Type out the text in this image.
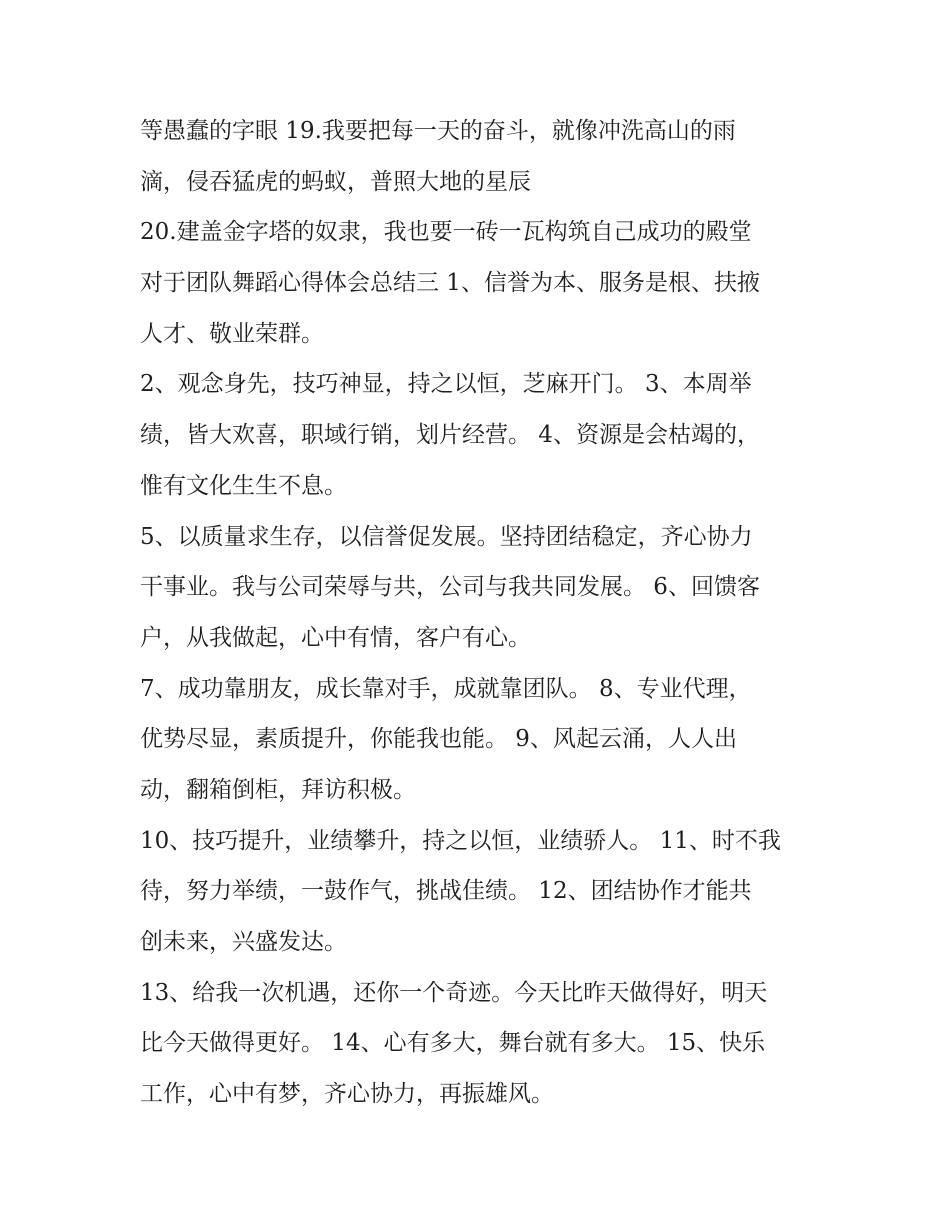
等愚蠢的字眼 19.我要把每一天的奋斗，就像冲洗高山的雨
滴，侵吞猛虎的蚂蚁，普照大地的星辰
20.建盖金字塔的奴隶，我也要一砖一瓦构筑自己成功的殿堂
对于团队舞蹈心得体会总结三 1、信誉为本、服务是根、扶掖
人才、敬业荣群。
2、观念身先，技巧神显，持之以恒，芝麻开门。 3、本周举
绩，皆大欢喜，职域行销，划片经营。 4、资源是会枯竭的，
惟有文化生生不息。
5、以质量求生存，以信誉促发展。坚持团结稳定，齐心协力
干事业。我与公司荣辱与共，公司与我共同发展。 6、回馈客
户，从我做起，心中有情，客户有心。
7、成功靠朋友，成长靠对手，成就靠团队。 8、专业代理，
优势尽显，素质提升，你能我也能。 9、风起云涌，人人出
动，翻箱倒柜，拜访积极。
10、技巧提升，业绩攀升，持之以恒，业绩骄人。 11、时不我
待，努力举绩，一鼓作气，挑战佳绩。 12、团结协作才能共
创未来，兴盛发达。
13、给我一次机遇，还你一个奇迹。今天比昨天做得好，明天
比今天做得更好。 14、心有多大，舞台就有多大。 15、快乐
工作，心中有梦，齐心协力，再振雄风。
